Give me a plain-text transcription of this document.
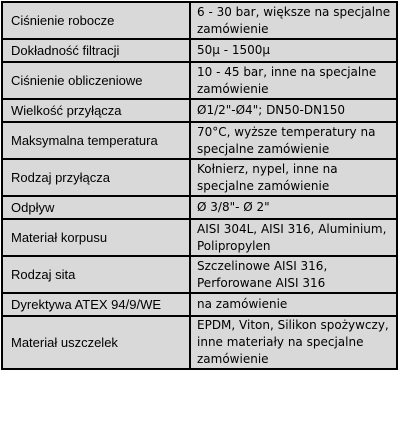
Ciśnienie robocze	6 - 30 bar, większe na specjalne zamówienie
Dokładność filtracji	50µ - 1500µ
Ciśnienie obliczeniowe	10 - 45 bar, inne na specjalne zamówienie
Wielkość przyłącza	Ø1/2"-Ø4"; DN50-DN150
Maksymalna temperatura	70°C, wyższe temperatury na specjalne zamówienie
Rodzaj przyłącza	Kołnierz, nypel, inne na specjalne zamówienie
Odpływ	Ø 3/8"- Ø 2"
Materiał korpusu	AISI 304L, AISI 316, Aluminium, Polipropylen
Rodzaj sita	Szczelinowe AISI 316, Perforowane AISI 316
Dyrektywa ATEX 94/9/WE	na zamówienie
Materiał uszczelek	EPDM, Viton, Silikon spożywczy, inne materiały na specjalne zamówienie
